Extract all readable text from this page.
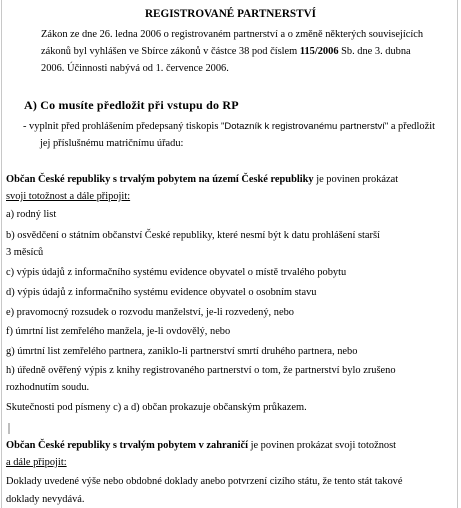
REGISTROVANÉ PARTNERSTVÍ
Zákon ze dne 26. ledna 2006 o registrovaném partnerství a o změně některých souvisejících
zákonů byl vyhlášen ve Sbírce zákonů v částce 38 pod číslem 115/2006 Sb. dne 3. dubna
2006. Účinnosti nabývá od 1. července 2006.
A) Co musíte předložit při vstupu do RP
- vyplnit před prohlášením předepsaný tiskopis "Dotazník k registrovanému partnerství" a předložit
jej příslušnému matričnímu úřadu:
Občan České republiky s trvalým pobytem na území České republiky je povinen prokázat
svoji totožnost a dále připojit:
a) rodný list
b) osvědčení o státním občanství České republiky, které nesmí být k datu prohlášení starší
3 měsíců
c) výpis údajů z informačního systému evidence obyvatel o místě trvalého pobytu
d) výpis údajů z informačního systému evidence obyvatel o osobním stavu
e) pravomocný rozsudek o rozvodu manželství, je-li rozvedený, nebo
f) úmrtní list zemřelého manžela, je-li ovdovělý, nebo
g) úmrtní list zemřelého partnera, zaniklo-li partnerství smrtí druhého partnera, nebo
h) úředně ověřený výpis z knihy registrovaného partnerství o tom, že partnerství bylo zrušeno
rozhodnutím soudu.
Skutečnosti pod písmeny c) a d) občan prokazuje občanským průkazem.
Občan České republiky s trvalým pobytem v zahraničí je povinen prokázat svoji totožnost
a dále připojit:
Doklady uvedené výše nebo obdobné doklady anebo potvrzení cizího státu, že tento stát takové
doklady nevydává.
